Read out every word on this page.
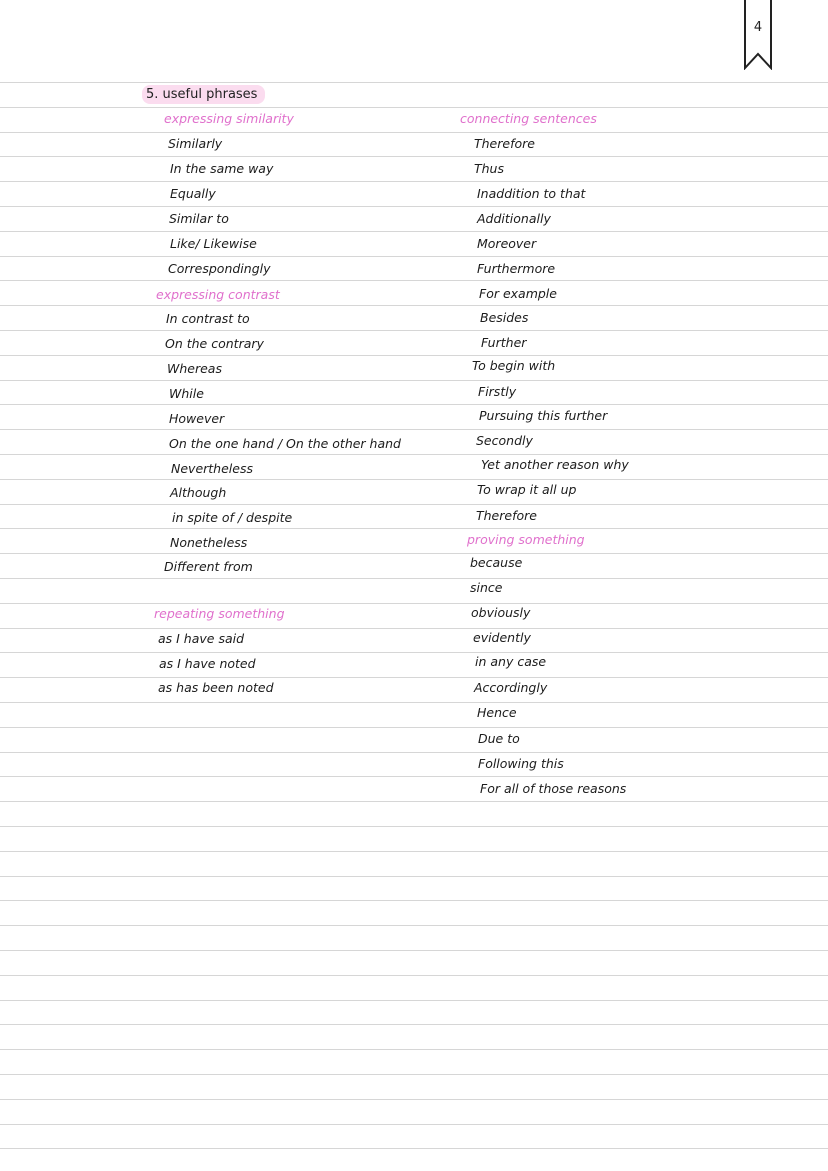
4
5. useful phrases
expressing similarity
Similarly
In the same way
Equally
Similar to
Like/ Likewise
Correspondingly
expressing contrast
In contrast to
On the contrary
Whereas
While
However
On the one hand / On the other hand
Nevertheless
Although
in spite of / despite
Nonetheless
Different from
repeating something
as I have said
as I have noted
as has been noted
connecting sentences
Therefore
Thus
Inaddition to that
Additionally
Moreover
Furthermore
For example
Besides
Further
To begin with
Firstly
Pursuing this further
Secondly
Yet another reason why
To wrap it all up
Therefore
proving something
because
since
obviously
evidently
in any case
Accordingly
Hence
Due to
Following this
For all of those reasons
